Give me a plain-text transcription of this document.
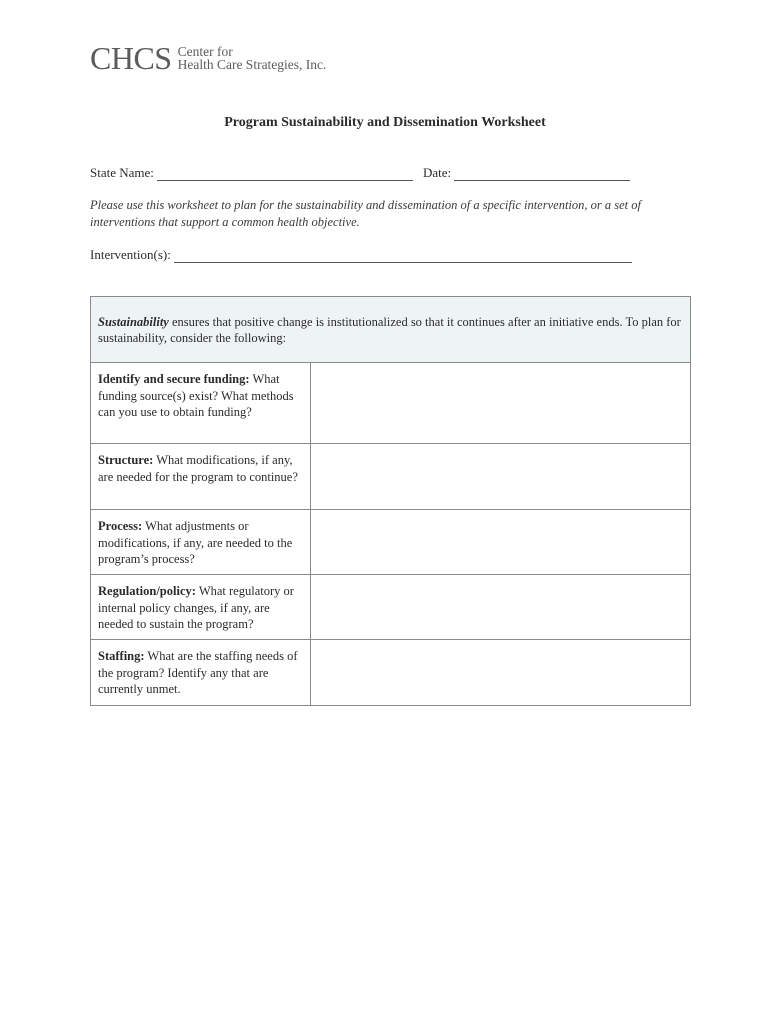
CHCS Center for
Health Care Strategies, Inc.
Program Sustainability and Dissemination Worksheet
State Name:	Date:
Please use this worksheet to plan for the sustainability and dissemination of a specific intervention, or a set of interventions that support a common health objective.
Intervention(s):
Sustainability ensures that positive change is institutionalized so that it continues after an initiative ends. To plan for sustainability, consider the following:
Identify and secure funding: What funding source(s) exist? What methods can you use to obtain funding?
Structure: What modifications, if any, are needed for the program to continue?
Process: What adjustments or modifications, if any, are needed to the program’s process?
Regulation/policy: What regulatory or internal policy changes, if any, are needed to sustain the program?
Staffing: What are the staffing needs of the program? Identify any that are currently unmet.
